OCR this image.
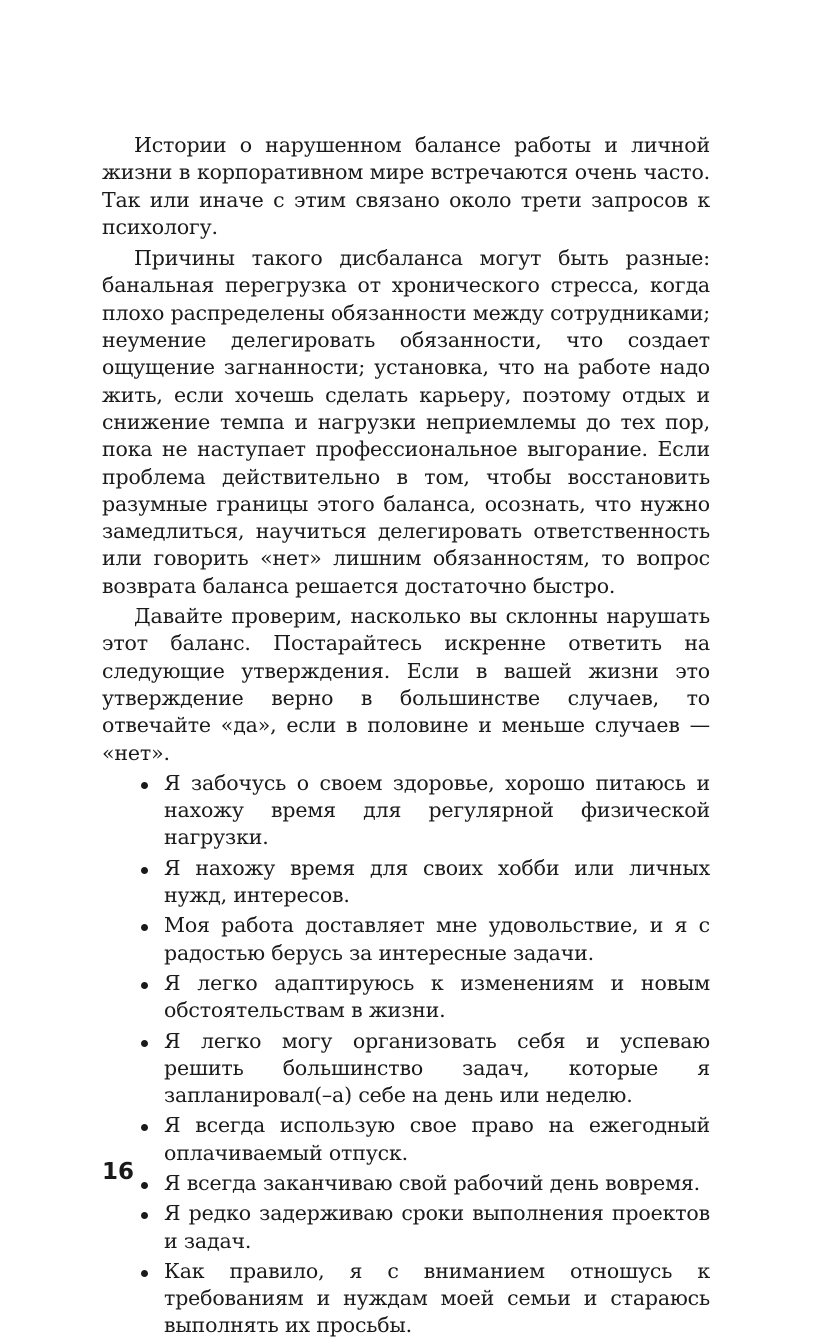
Истории о нарушенном балансе работы и личной жизни в корпоративном мире встречаются очень часто. Так или иначе с этим связано около трети запросов к психологу.

Причины такого дисбаланса могут быть разные: банальная перегрузка от хронического стресса, когда плохо распределены обязанности между сотрудниками; неумение делегировать обязанности, что создает ощущение загнанности; установка, что на работе надо жить, если хочешь сделать карьеру, поэтому отдых и снижение темпа и нагрузки неприемлемы до тех пор, пока не наступает профессиональное выгорание. Если проблема действительно в том, чтобы восстановить разумные границы этого баланса, осознать, что нужно замедлиться, научиться делегировать ответственность или говорить «нет» лишним обязанностям, то вопрос возврата баланса решается достаточно быстро.

Давайте проверим, насколько вы склонны нарушать этот баланс. Постарайтесь искренне ответить на следующие утверждения. Если в вашей жизни это утверждение верно в большинстве случаев, то отвечайте «да», если в половине и меньше случаев — «нет».

Я забочусь о своем здоровье, хорошо питаюсь и нахожу время для регулярной физической нагрузки.
Я нахожу время для своих хобби или личных нужд, интересов.
Моя работа доставляет мне удовольствие, и я с радостью берусь за интересные задачи.
Я легко адаптируюсь к изменениям и новым обстоятельствам в жизни.
Я легко могу организовать себя и успеваю решить большинство задач, которые я запланировал(–а) себе на день или неделю.
Я всегда использую свое право на ежегодный оплачиваемый отпуск.
Я всегда заканчиваю свой рабочий день вовремя.
Я редко задерживаю сроки выполнения проектов и задач.
Как правило, я с вниманием отношусь к требованиям и нуждам моей семьи и стараюсь выполнять их просьбы.
16
